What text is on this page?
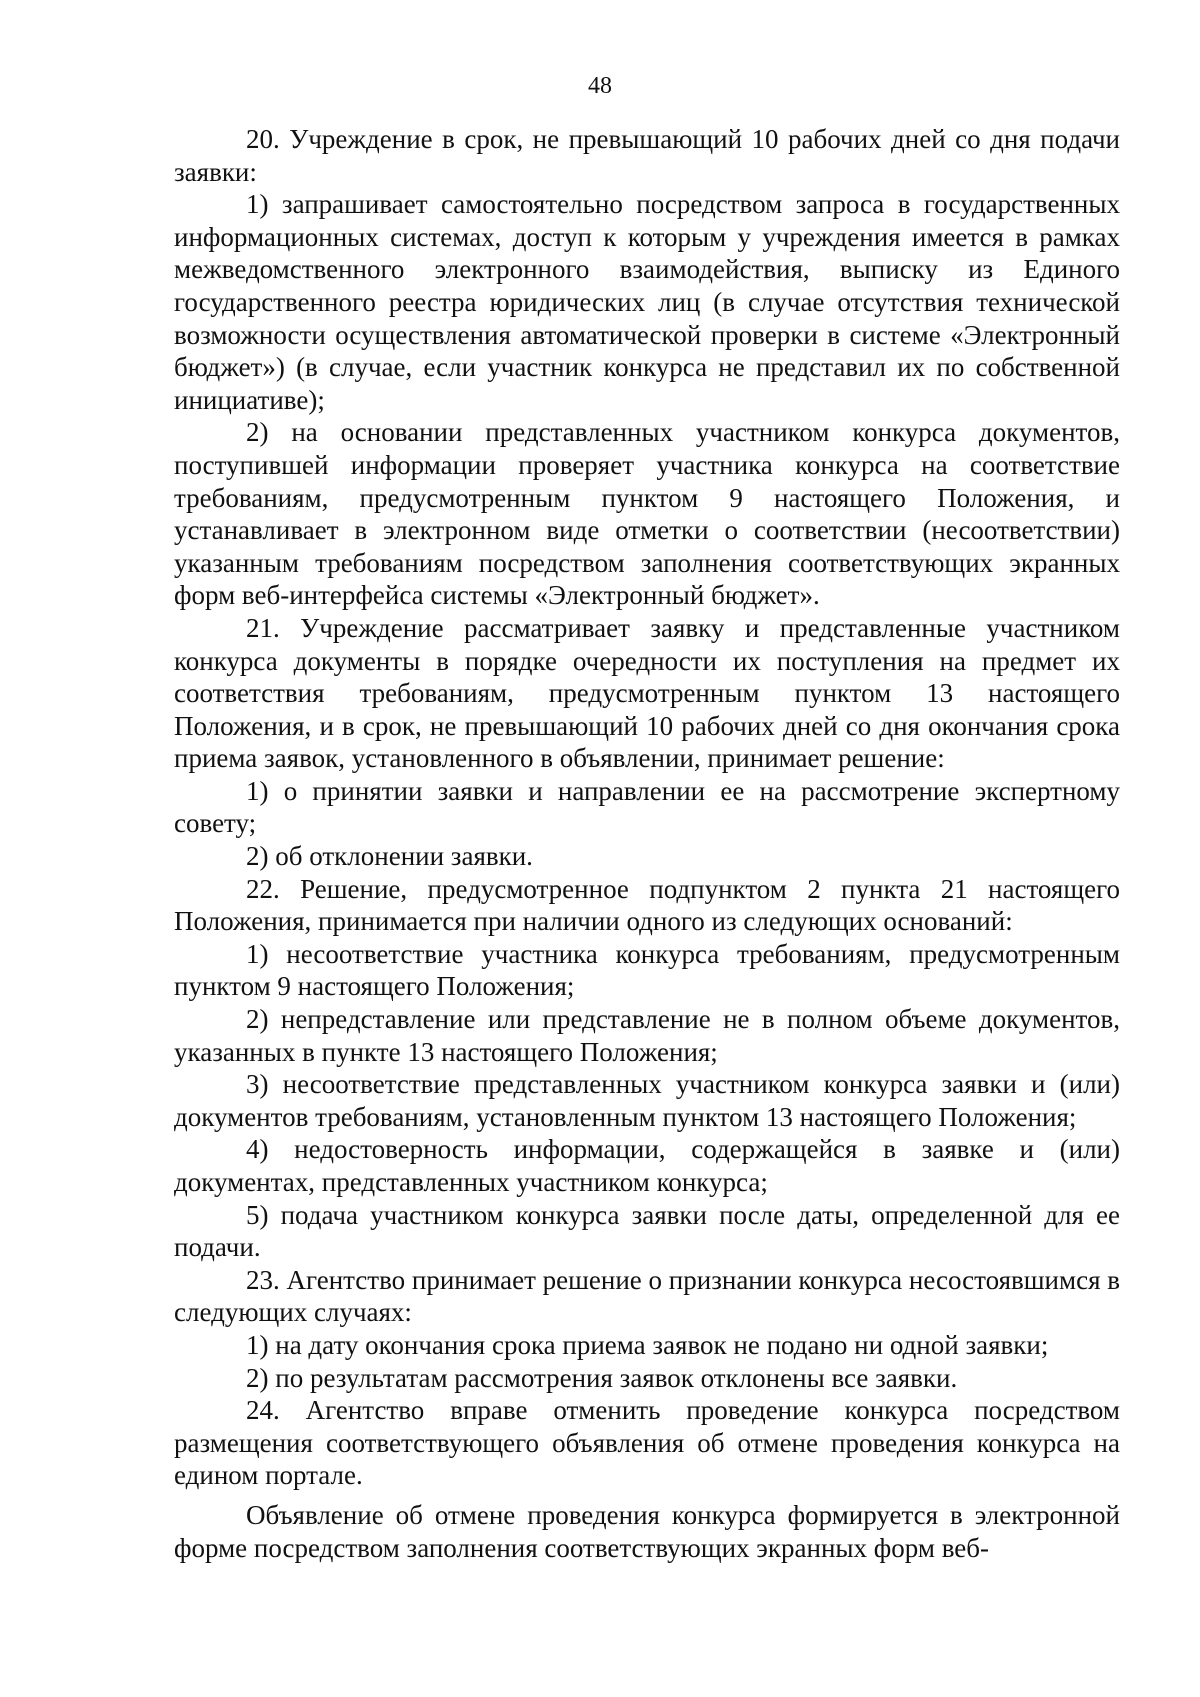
48

20. Учреждение в срок, не превышающий 10 рабочих дней со дня подачи заявки:

1) запрашивает самостоятельно посредством запроса в государственных информационных системах, доступ к которым у учреждения имеется в рамках межведомственного электронного взаимодействия, выписку из Единого государственного реестра юридических лиц (в случае отсутствия технической возможности осуществления автоматической проверки в системе «Электронный бюджет») (в случае, если участник конкурса не представил их по собственной инициативе);

2) на основании представленных участником конкурса документов, поступившей информации проверяет участника конкурса на соответствие требованиям, предусмотренным пунктом 9 настоящего Положения, и устанавливает в электронном виде отметки о соответствии (несоответствии) указанным требованиям посредством заполнения соответствующих экранных форм веб-интерфейса системы «Электронный бюджет».

21. Учреждение рассматривает заявку и представленные участником конкурса документы в порядке очередности их поступления на предмет их соответствия требованиям, предусмотренным пунктом 13 настоящего Положения, и в срок, не превышающий 10 рабочих дней со дня окончания срока приема заявок, установленного в объявлении, принимает решение:

1) о принятии заявки и направлении ее на рассмотрение экспертному совету;

2) об отклонении заявки.

22. Решение, предусмотренное подпунктом 2 пункта 21 настоящего Положения, принимается при наличии одного из следующих оснований:

1) несоответствие участника конкурса требованиям, предусмотренным пунктом 9 настоящего Положения;

2) непредставление или представление не в полном объеме документов, указанных в пункте 13 настоящего Положения;

3) несоответствие представленных участником конкурса заявки и (или) документов требованиям, установленным пунктом 13 настоящего Положения;

4) недостоверность информации, содержащейся в заявке и (или) документах, представленных участником конкурса;

5) подача участником конкурса заявки после даты, определенной для ее подачи.

23. Агентство принимает решение о признании конкурса несостоявшимся в следующих случаях:

1) на дату окончания срока приема заявок не подано ни одной заявки;

2) по результатам рассмотрения заявок отклонены все заявки.

24. Агентство вправе отменить проведение конкурса посредством размещения соответствующего объявления об отмене проведения конкурса на едином портале.

Объявление об отмене проведения конкурса формируется в электронной форме посредством заполнения соответствующих экранных форм веб-
